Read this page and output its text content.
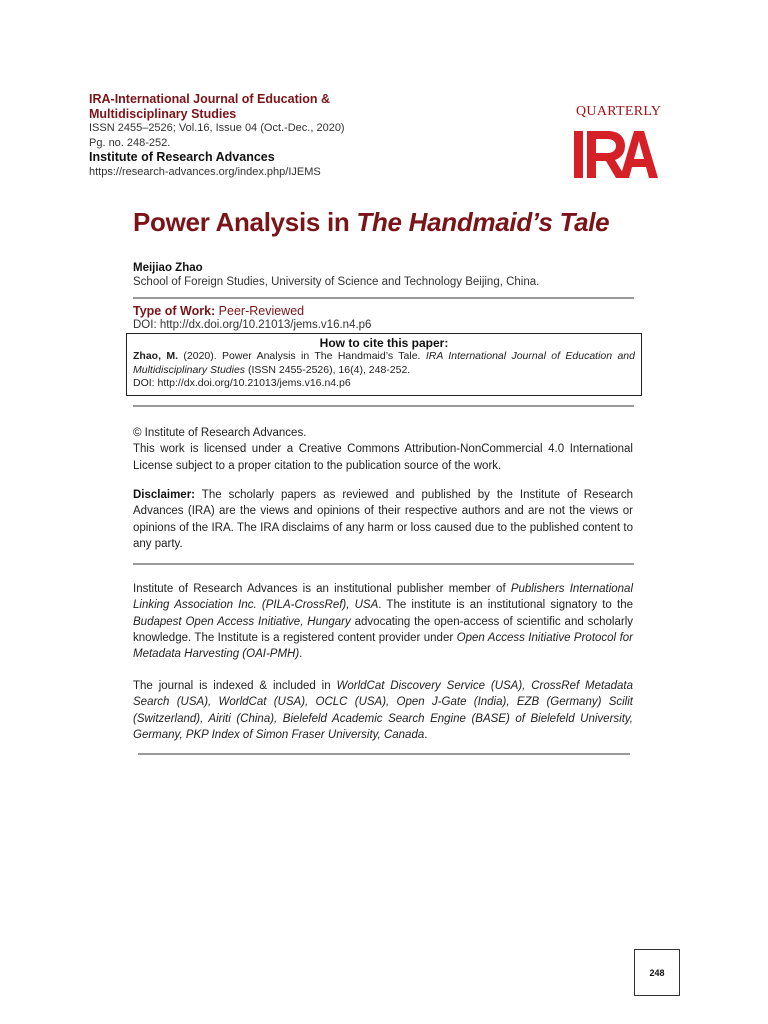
IRA-International Journal of Education & Multidisciplinary Studies
ISSN 2455–2526; Vol.16, Issue 04 (Oct.-Dec., 2020)
Pg. no. 248-252.
Institute of Research Advances
https://research-advances.org/index.php/IJEMS
QUARTERLY
Power Analysis in The Handmaid’s Tale
Meijiao Zhao
School of Foreign Studies, University of Science and Technology Beijing, China.
Type of Work: Peer-Reviewed
DOI: http://dx.doi.org/10.21013/jems.v16.n4.p6
How to cite this paper:
Zhao, M. (2020). Power Analysis in The Handmaid’s Tale. IRA International Journal of Education and Multidisciplinary Studies (ISSN 2455-2526), 16(4), 248-252.
DOI: http://dx.doi.org/10.21013/jems.v16.n4.p6
© Institute of Research Advances.
This work is licensed under a Creative Commons Attribution-NonCommercial 4.0 International License subject to a proper citation to the publication source of the work.
Disclaimer: The scholarly papers as reviewed and published by the Institute of Research Advances (IRA) are the views and opinions of their respective authors and are not the views or opinions of the IRA. The IRA disclaims of any harm or loss caused due to the published content to any party.
Institute of Research Advances is an institutional publisher member of Publishers International Linking Association Inc. (PILA-CrossRef), USA. The institute is an institutional signatory to the Budapest Open Access Initiative, Hungary advocating the open-access of scientific and scholarly knowledge. The Institute is a registered content provider under Open Access Initiative Protocol for Metadata Harvesting (OAI-PMH).
The journal is indexed & included in WorldCat Discovery Service (USA), CrossRef Metadata Search (USA), WorldCat (USA), OCLC (USA), Open J-Gate (India), EZB (Germany) Scilit (Switzerland), Airiti (China), Bielefeld Academic Search Engine (BASE) of Bielefeld University, Germany, PKP Index of Simon Fraser University, Canada.
248
